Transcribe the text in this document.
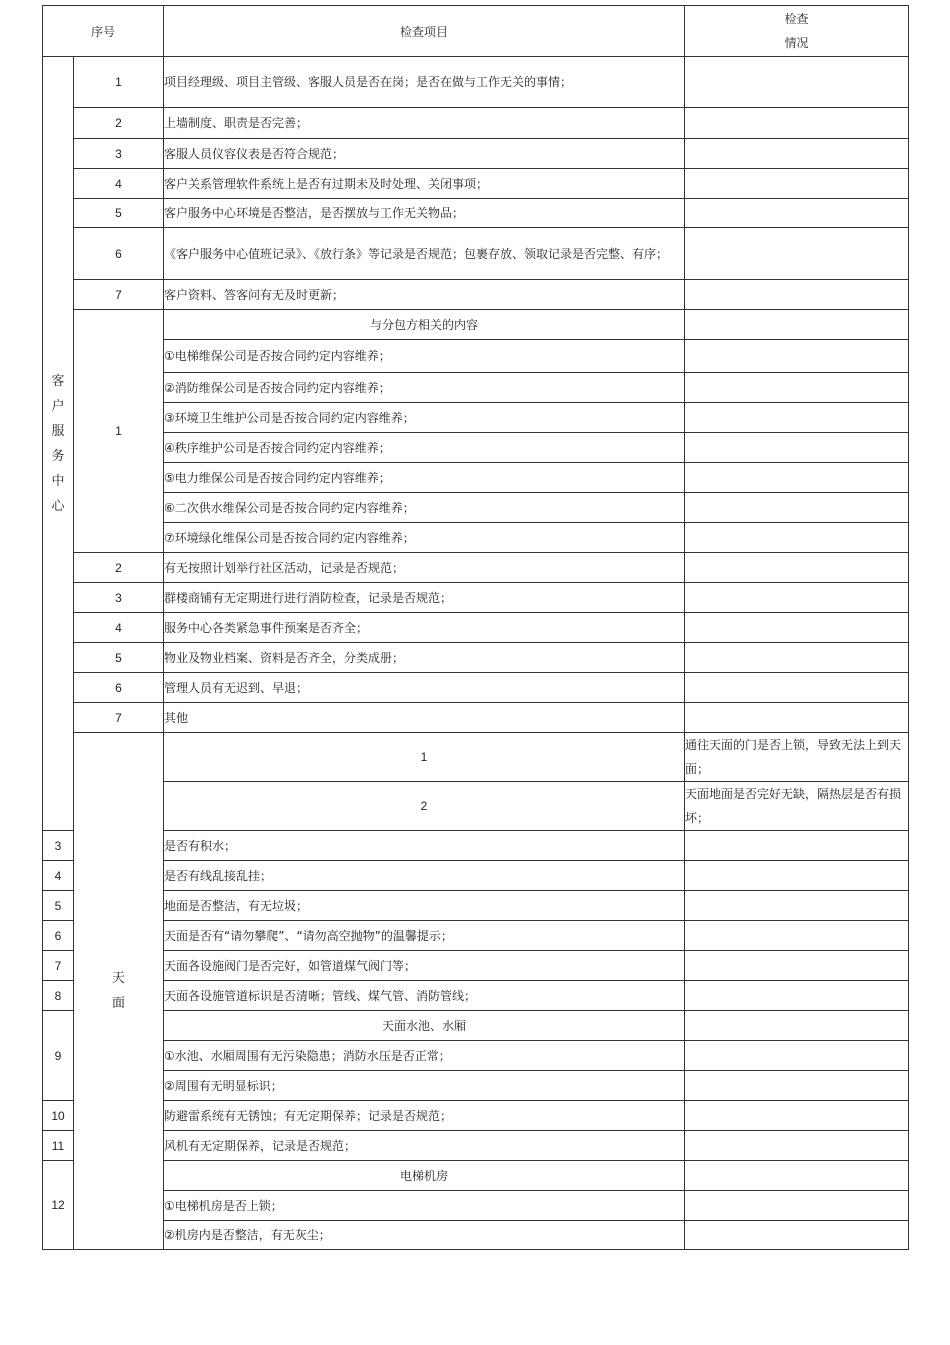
序号		检查项目	检查
情况	

客户服务中心	1	项目经理级、项目主管级、客服人员是否在岗；是否在做与工作无关的事情；		
	2	上墙制度、职责是否完善；		
	3	客服人员仪容仪表是否符合规范；		
	4	客户关系管理软件系统上是否有过期未及时处理、关闭事项；		
	5	客户服务中心环境是否整洁，是否摆放与工作无关物品；		
	6	《客户服务中心值班记录》、《放行条》等记录是否规范；包裹存放、领取记录是否完整、有序；		
	7	客户资料、答客问有无及时更新；		
	1	与分包方相关的内容		
		①电梯维保公司是否按合同约定内容维养；		
		②消防维保公司是否按合同约定内容维养；		
		③环境卫生维护公司是否按合同约定内容维养；		
		④秩序维护公司是否按合同约定内容维养；		
		⑤电力维保公司是否按合同约定内容维养；		
		⑥二次供水维保公司是否按合同约定内容维养；		
		⑦环境绿化维保公司是否按合同约定内容维养；		
	2	有无按照计划举行社区活动，记录是否规范；		
	3	群楼商铺有无定期进行进行消防检查，记录是否规范；		
	4	服务中心各类紧急事件预案是否齐全；		
	5	物业及物业档案、资料是否齐全，分类成册；		
	6	管理人员有无迟到、早退；		
	7	其他		

	天面	1	通往天面的门是否上锁，导致无法上到天面；	
		2	天面地面是否完好无缺，隔热层是否有损坏；	
3		是否有积水；		
4		是否有线乱接乱挂；		
5		地面是否整洁，有无垃圾；		
6		天面是否有“请勿攀爬”、“请勿高空抛物”的温馨提示；		
7		天面各设施阀门是否完好，如管道煤气阀门等；		
8		天面各设施管道标识是否清晰；管线、煤气管、消防管线；		
9		天面水池、水厢		
		①水池、水厢周围有无污染隐患；消防水压是否正常；		
		②周围有无明显标识；		
10		防避雷系统有无锈蚀；有无定期保养；记录是否规范；		
11		风机有无定期保养，记录是否规范；		
12		电梯机房		
		①电梯机房是否上锁；		
		②机房内是否整洁，有无灰尘；		
